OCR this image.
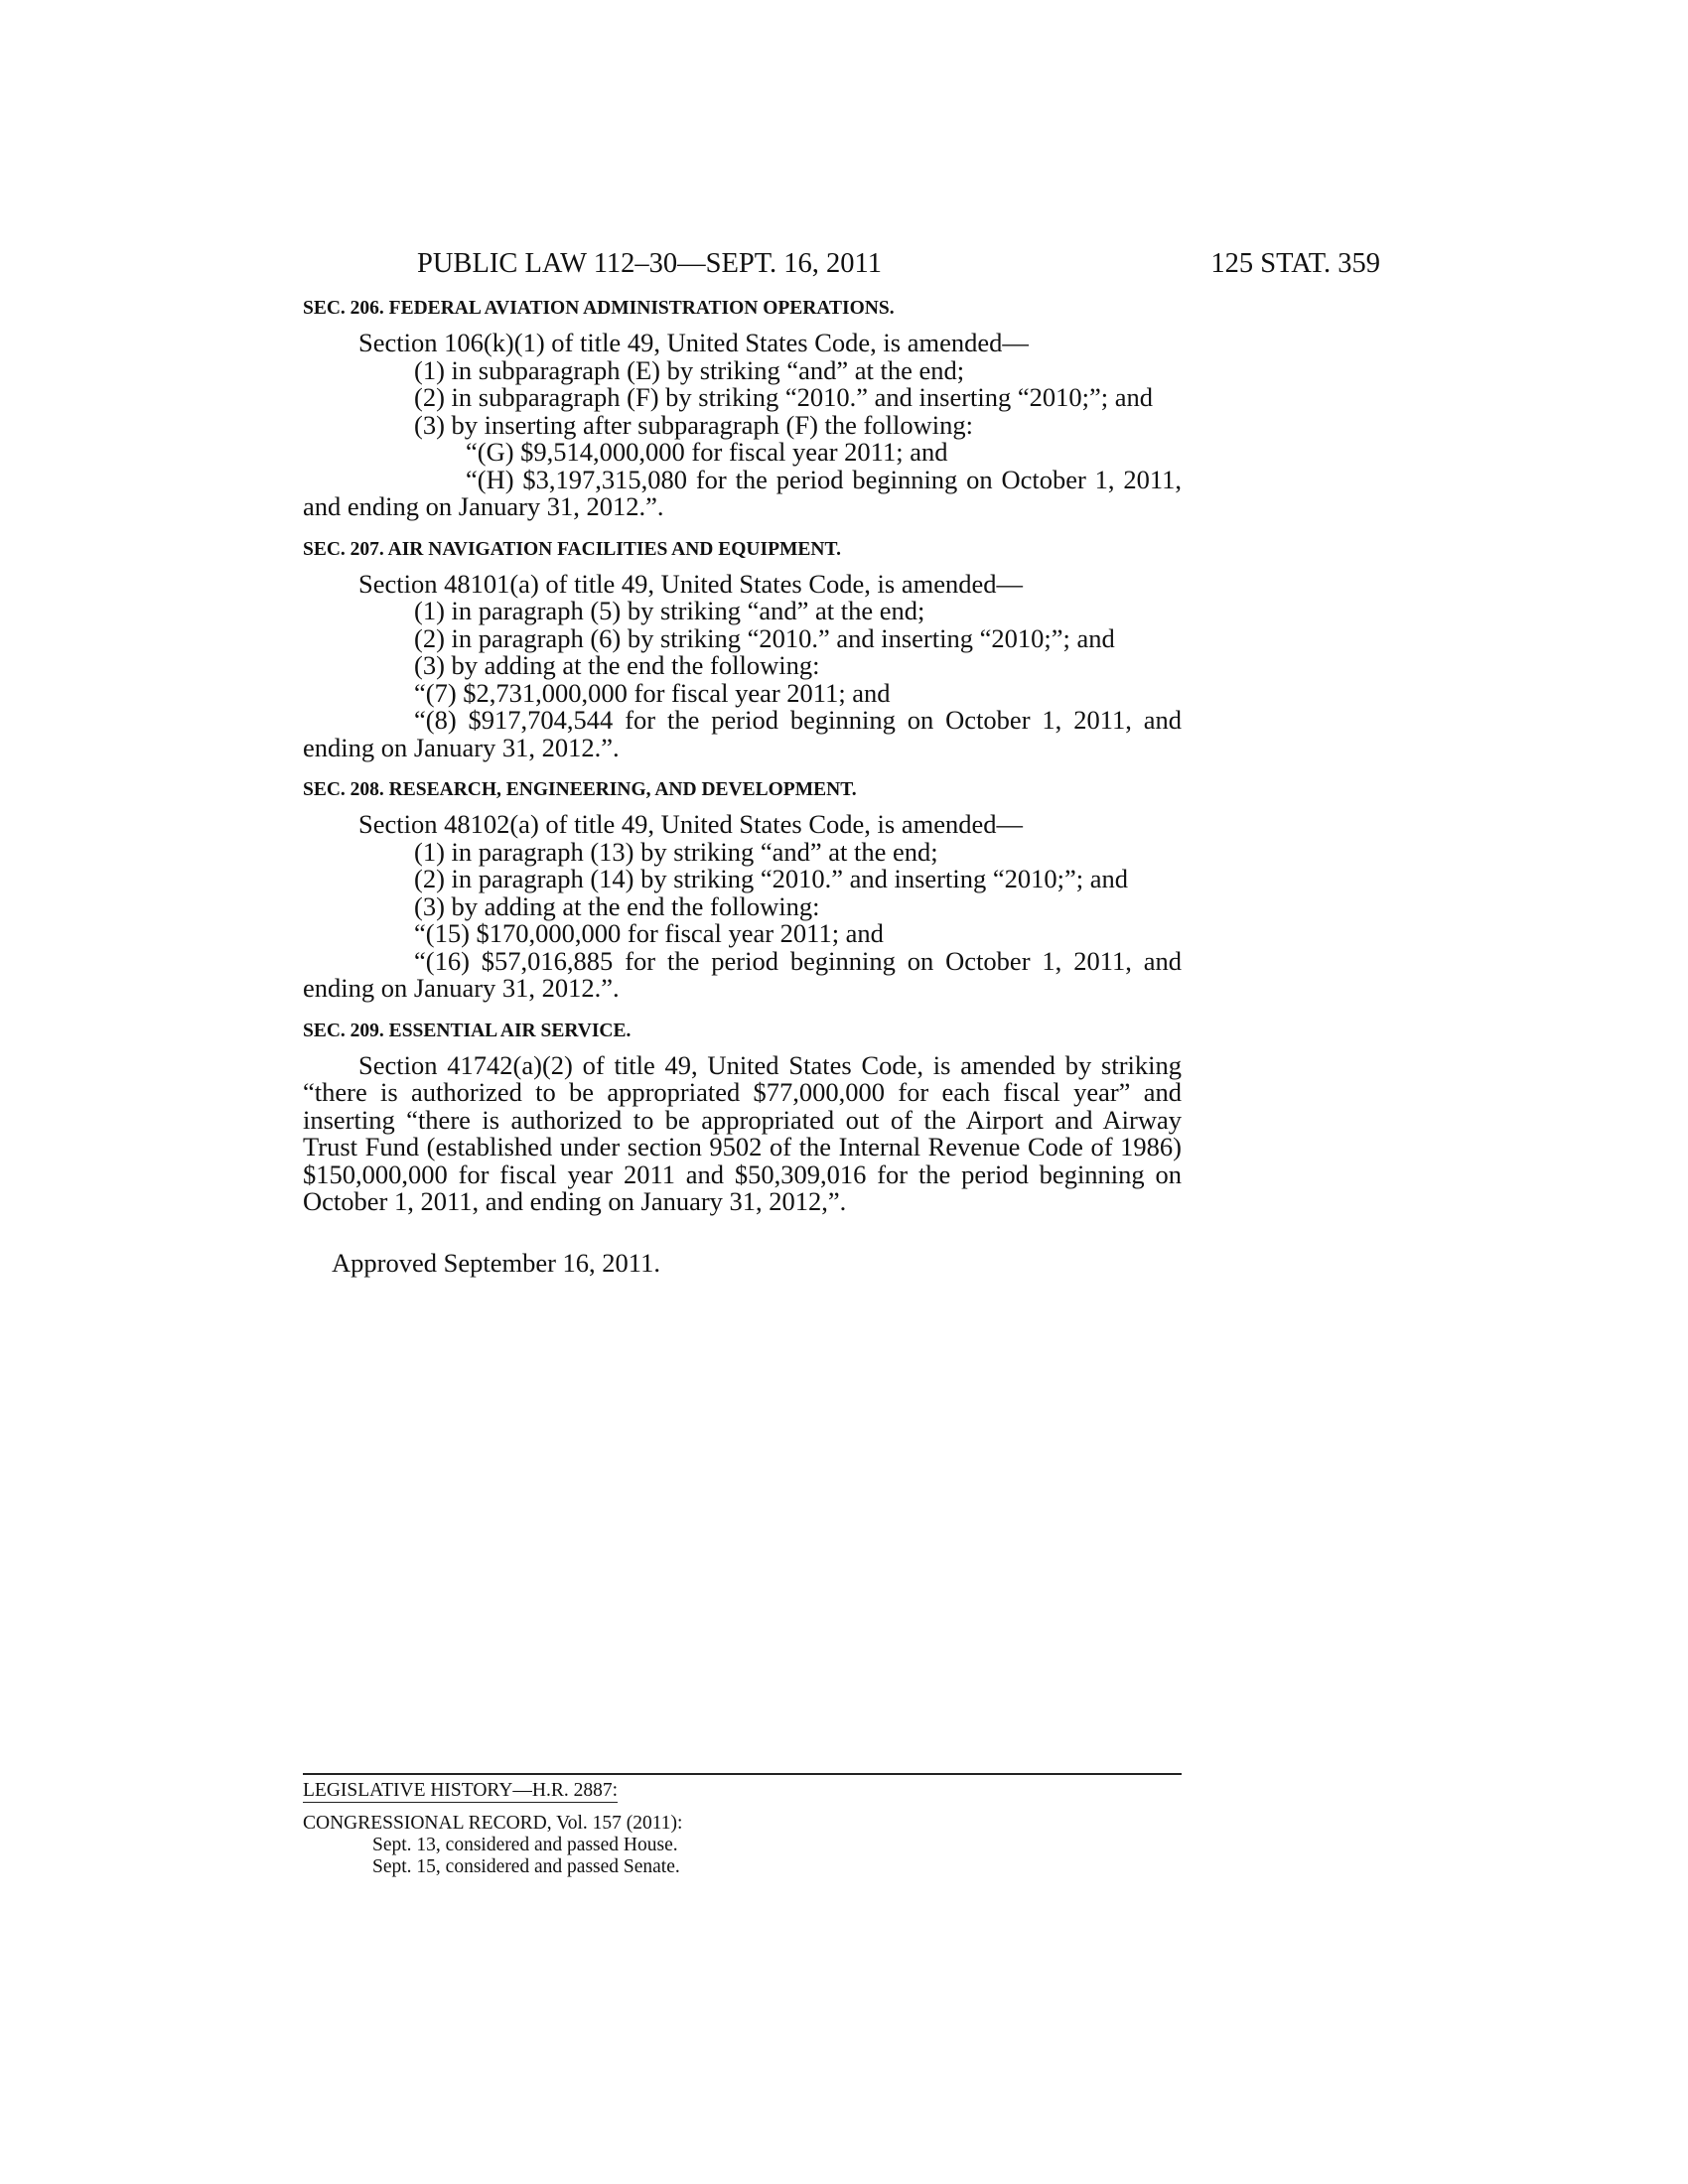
PUBLIC LAW 112–30—SEPT. 16, 2011	125 STAT. 359
SEC. 206. FEDERAL AVIATION ADMINISTRATION OPERATIONS.

Section 106(k)(1) of title 49, United States Code, is amended—

(1) in subparagraph (E) by striking “and” at the end;

(2) in subparagraph (F) by striking “2010.” and inserting “2010;”; and

(3) by inserting after subparagraph (F) the following:

“(G) $9,514,000,000 for fiscal year 2011; and

“(H) $3,197,315,080 for the period beginning on October 1, 2011, and ending on January 31, 2012.”.

SEC. 207. AIR NAVIGATION FACILITIES AND EQUIPMENT.

Section 48101(a) of title 49, United States Code, is amended—

(1) in paragraph (5) by striking “and” at the end;

(2) in paragraph (6) by striking “2010.” and inserting “2010;”; and

(3) by adding at the end the following:

“(7) $2,731,000,000 for fiscal year 2011; and

“(8) $917,704,544 for the period beginning on October 1, 2011, and ending on January 31, 2012.”.

SEC. 208. RESEARCH, ENGINEERING, AND DEVELOPMENT.

Section 48102(a) of title 49, United States Code, is amended—

(1) in paragraph (13) by striking “and” at the end;

(2) in paragraph (14) by striking “2010.” and inserting “2010;”; and

(3) by adding at the end the following:

“(15) $170,000,000 for fiscal year 2011; and

“(16) $57,016,885 for the period beginning on October 1, 2011, and ending on January 31, 2012.”.

SEC. 209. ESSENTIAL AIR SERVICE.

Section 41742(a)(2) of title 49, United States Code, is amended by striking “there is authorized to be appropriated $77,000,000 for each fiscal year” and inserting “there is authorized to be appropriated out of the Airport and Airway Trust Fund (established under section 9502 of the Internal Revenue Code of 1986) $150,000,000 for fiscal year 2011 and $50,309,016 for the period beginning on October 1, 2011, and ending on January 31, 2012,”.

Approved September 16, 2011.

LEGISLATIVE HISTORY—H.R. 2887:
CONGRESSIONAL RECORD, Vol. 157 (2011):
Sept. 13, considered and passed House.
Sept. 15, considered and passed Senate.
